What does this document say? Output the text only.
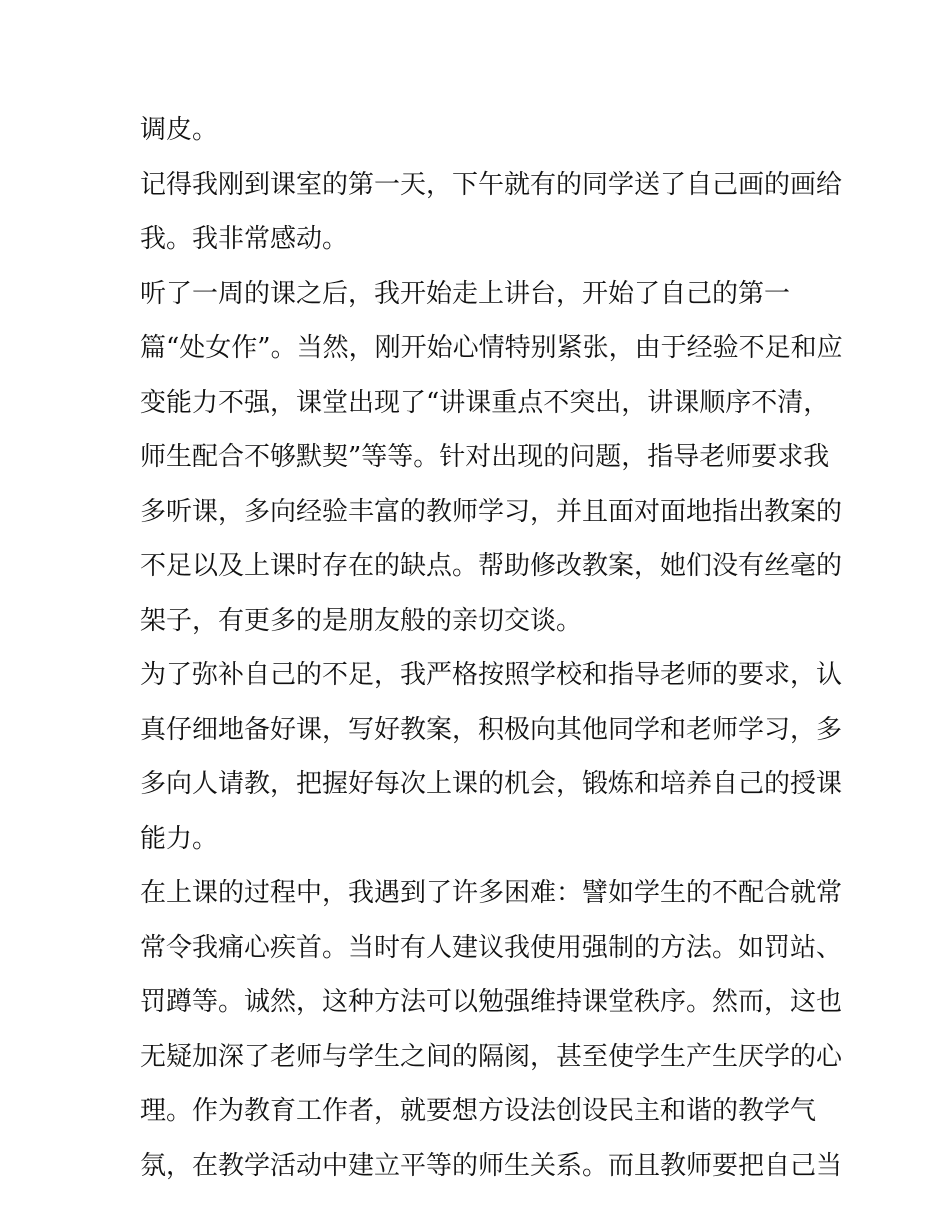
调皮。
记得我刚到课室的第一天，下午就有的同学送了自己画的画给
我。我非常感动。
听了一周的课之后，我开始走上讲台，开始了自己的第一
篇“处女作”。当然，刚开始心情特别紧张，由于经验不足和应
变能力不强，课堂出现了“讲课重点不突出，讲课顺序不清，
师生配合不够默契”等等。针对出现的问题，指导老师要求我
多听课，多向经验丰富的教师学习，并且面对面地指出教案的
不足以及上课时存在的缺点。帮助修改教案，她们没有丝毫的
架子，有更多的是朋友般的亲切交谈。
为了弥补自己的不足，我严格按照学校和指导老师的要求，认
真仔细地备好课，写好教案，积极向其他同学和老师学习，多
多向人请教，把握好每次上课的机会，锻炼和培养自己的授课
能力。
在上课的过程中，我遇到了许多困难：譬如学生的不配合就常
常令我痛心疾首。当时有人建议我使用强制的方法。如罚站、
罚蹲等。诚然，这种方法可以勉强维持课堂秩序。然而，这也
无疑加深了老师与学生之间的隔阂，甚至使学生产生厌学的心
理。作为教育工作者，就要想方设法创设民主和谐的教学气
氛，在教学活动中建立平等的师生关系。而且教师要把自己当
